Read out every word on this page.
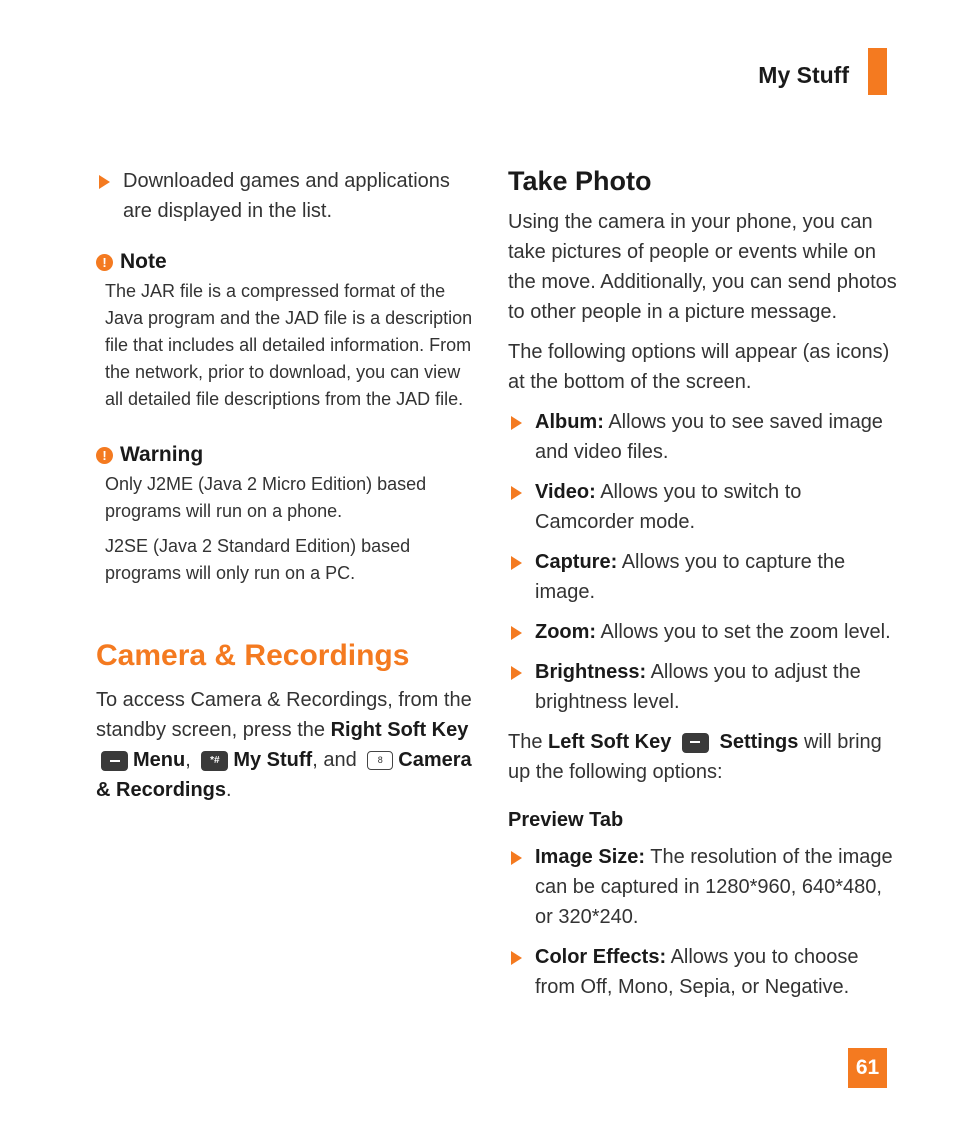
My Stuff
Downloaded games and applications are displayed in the list.
! Note

The JAR file is a compressed format of the Java program and the JAD file is a description file that includes all detailed information. From the network, prior to download, you can view all detailed file descriptions from the JAD file.

! Warning

Only J2ME (Java 2 Micro Edition) based programs will run on a phone.

J2SE (Java 2 Standard Edition) based programs will only run on a PC.

Camera & Recordings
To access Camera & Recordings, from the standby screen, press the Right Soft Key Menu, *# My Stuff, and 8 Camera & Recordings.
Take Photo

Using the camera in your phone, you can take pictures of people or events while on the move. Additionally, you can send photos to other people in a picture message.

The following options will appear (as icons) at the bottom of the screen.

Album: Allows you to see saved image and video files.
Video: Allows you to switch to Camcorder mode.
Capture: Allows you to capture the image.
Zoom: Allows you to set the zoom level.
Brightness: Allows you to adjust the brightness level.
The Left Soft Key Settings will bring up the following options:
Preview Tab
Image Size: The resolution of the image can be captured in 1280*960, 640*480, or 320*240.
Color Effects: Allows you to choose from Off, Mono, Sepia, or Negative.
61
